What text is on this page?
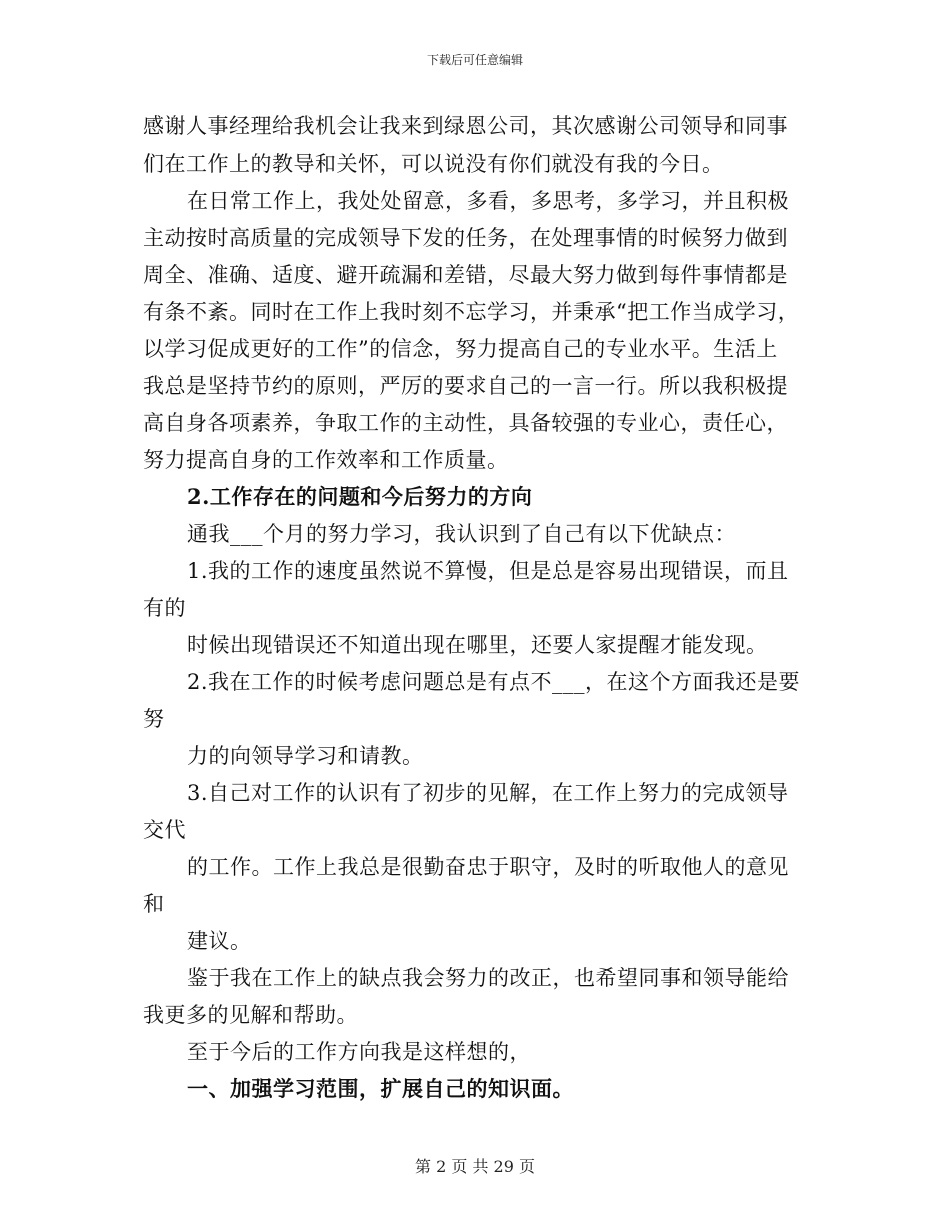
下载后可任意编辑
感谢人事经理给我机会让我来到绿恩公司，其次感谢公司领导和同事
们在工作上的教导和关怀，可以说没有你们就没有我的今日。
在日常工作上，我处处留意，多看，多思考，多学习，并且积极
主动按时高质量的完成领导下发的任务，在处理事情的时候努力做到
周全、准确、适度、避开疏漏和差错，尽最大努力做到每件事情都是
有条不紊。同时在工作上我时刻不忘学习，并秉承“把工作当成学习，
以学习促成更好的工作”的信念，努力提高自己的专业水平。生活上
我总是坚持节约的原则，严厉的要求自己的一言一行。所以我积极提
高自身各项素养，争取工作的主动性，具备较强的专业心，责任心，
努力提高自身的工作效率和工作质量。
2.工作存在的问题和今后努力的方向
通我___个月的努力学习，我认识到了自己有以下优缺点：
1.我的工作的速度虽然说不算慢，但是总是容易出现错误，而且
有的
时候出现错误还不知道出现在哪里，还要人家提醒才能发现。
2.我在工作的时候考虑问题总是有点不___，在这个方面我还是要
努
力的向领导学习和请教。
3.自己对工作的认识有了初步的见解，在工作上努力的完成领导
交代
的工作。工作上我总是很勤奋忠于职守，及时的听取他人的意见
和
建议。
鉴于我在工作上的缺点我会努力的改正，也希望同事和领导能给
我更多的见解和帮助。
至于今后的工作方向我是这样想的，
一、加强学习范围，扩展自己的知识面。
第 2 页 共 29 页
